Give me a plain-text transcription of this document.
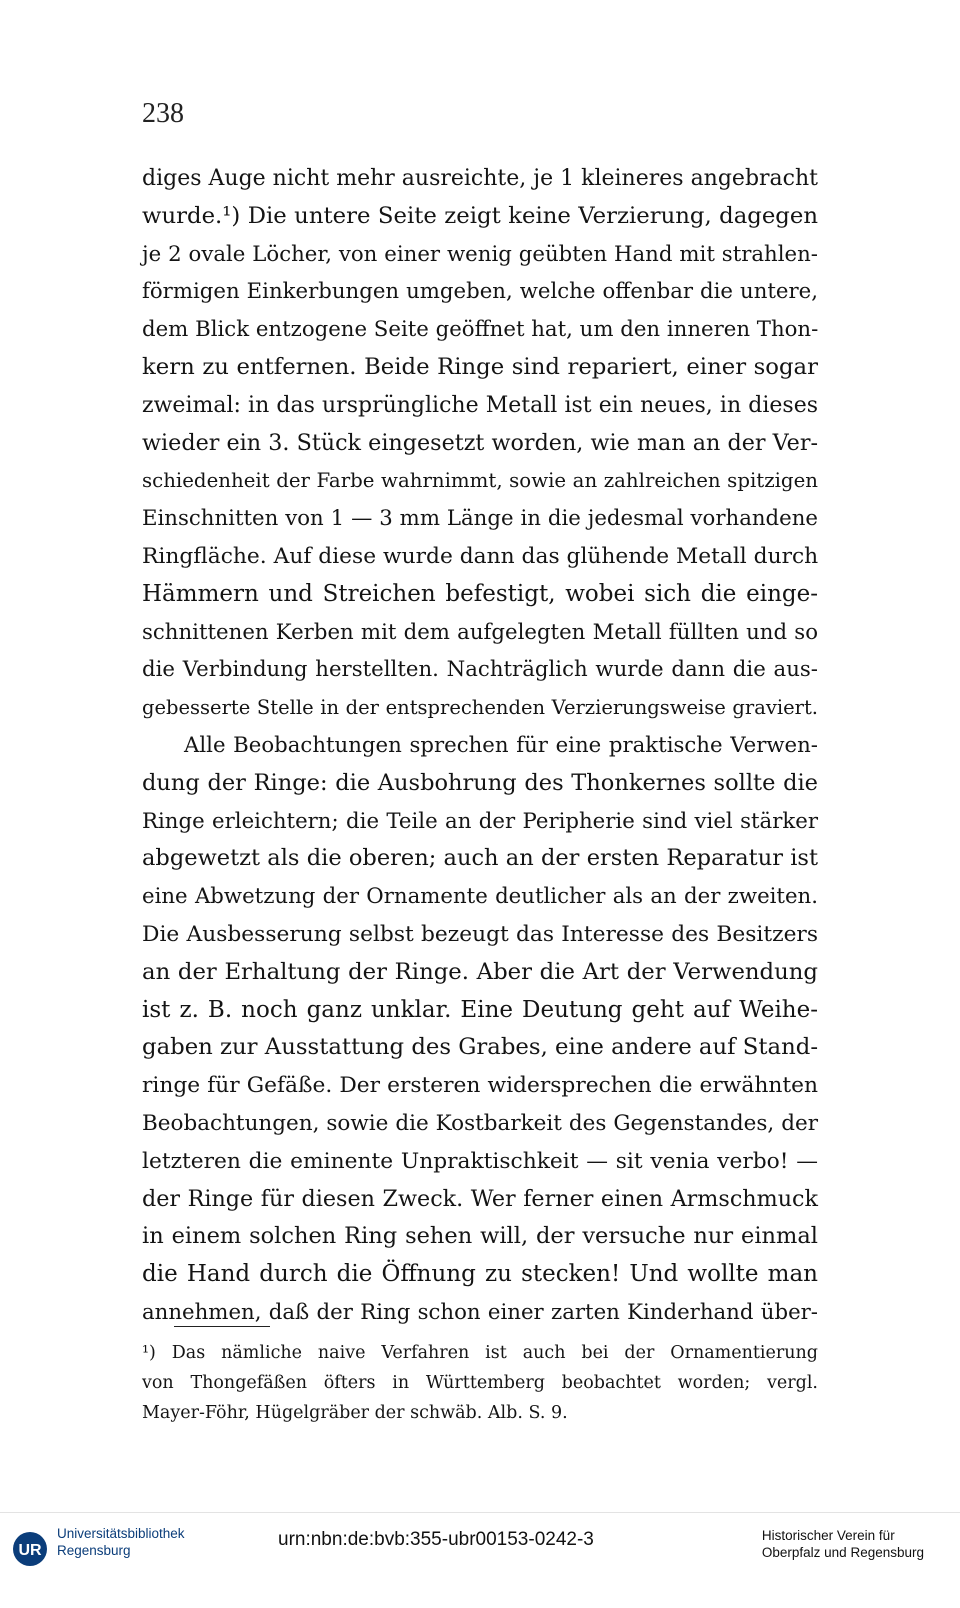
238
diges Auge nicht mehr ausreichte, je 1 kleineres angebracht
wurde.¹) Die untere Seite zeigt keine Verzierung, dagegen
je 2 ovale Löcher, von einer wenig geübten Hand mit strahlen-
förmigen Einkerbungen umgeben, welche offenbar die untere,
dem Blick entzogene Seite geöffnet hat, um den inneren Thon-
kern zu entfernen. Beide Ringe sind repariert, einer sogar
zweimal: in das ursprüngliche Metall ist ein neues, in dieses
wieder ein 3. Stück eingesetzt worden, wie man an der Ver-
schiedenheit der Farbe wahrnimmt, sowie an zahlreichen spitzigen
Einschnitten von 1 — 3 mm Länge in die jedesmal vorhandene
Ringfläche. Auf diese wurde dann das glühende Metall durch
Hämmern und Streichen befestigt, wobei sich die einge-
schnittenen Kerben mit dem aufgelegten Metall füllten und so
die Verbindung herstellten. Nachträglich wurde dann die aus-
gebesserte Stelle in der entsprechenden Verzierungsweise graviert.
Alle Beobachtungen sprechen für eine praktische Verwen-
dung der Ringe: die Ausbohrung des Thonkernes sollte die
Ringe erleichtern; die Teile an der Peripherie sind viel stärker
abgewetzt als die oberen; auch an der ersten Reparatur ist
eine Abwetzung der Ornamente deutlicher als an der zweiten.
Die Ausbesserung selbst bezeugt das Interesse des Besitzers
an der Erhaltung der Ringe. Aber die Art der Verwendung
ist z. B. noch ganz unklar. Eine Deutung geht auf Weihe-
gaben zur Ausstattung des Grabes, eine andere auf Stand-
ringe für Gefäße. Der ersteren widersprechen die erwähnten
Beobachtungen, sowie die Kostbarkeit des Gegenstandes, der
letzteren die eminente Unpraktischkeit — sit venia verbo! —
der Ringe für diesen Zweck. Wer ferner einen Armschmuck
in einem solchen Ring sehen will, der versuche nur einmal
die Hand durch die Öffnung zu stecken! Und wollte man
annehmen, daß der Ring schon einer zarten Kinderhand über-
¹) Das nämliche naive Verfahren ist auch bei der Ornamentierung
von Thongefäßen öfters in Württemberg beobachtet worden; vergl.
Mayer-Föhr, Hügelgräber der schwäb. Alb. S. 9.
UR
Universitätsbibliothek
Regensburg
urn:nbn:de:bvb:355-ubr00153-0242-3	Historischer Verein für
Oberpfalz und Regensburg
